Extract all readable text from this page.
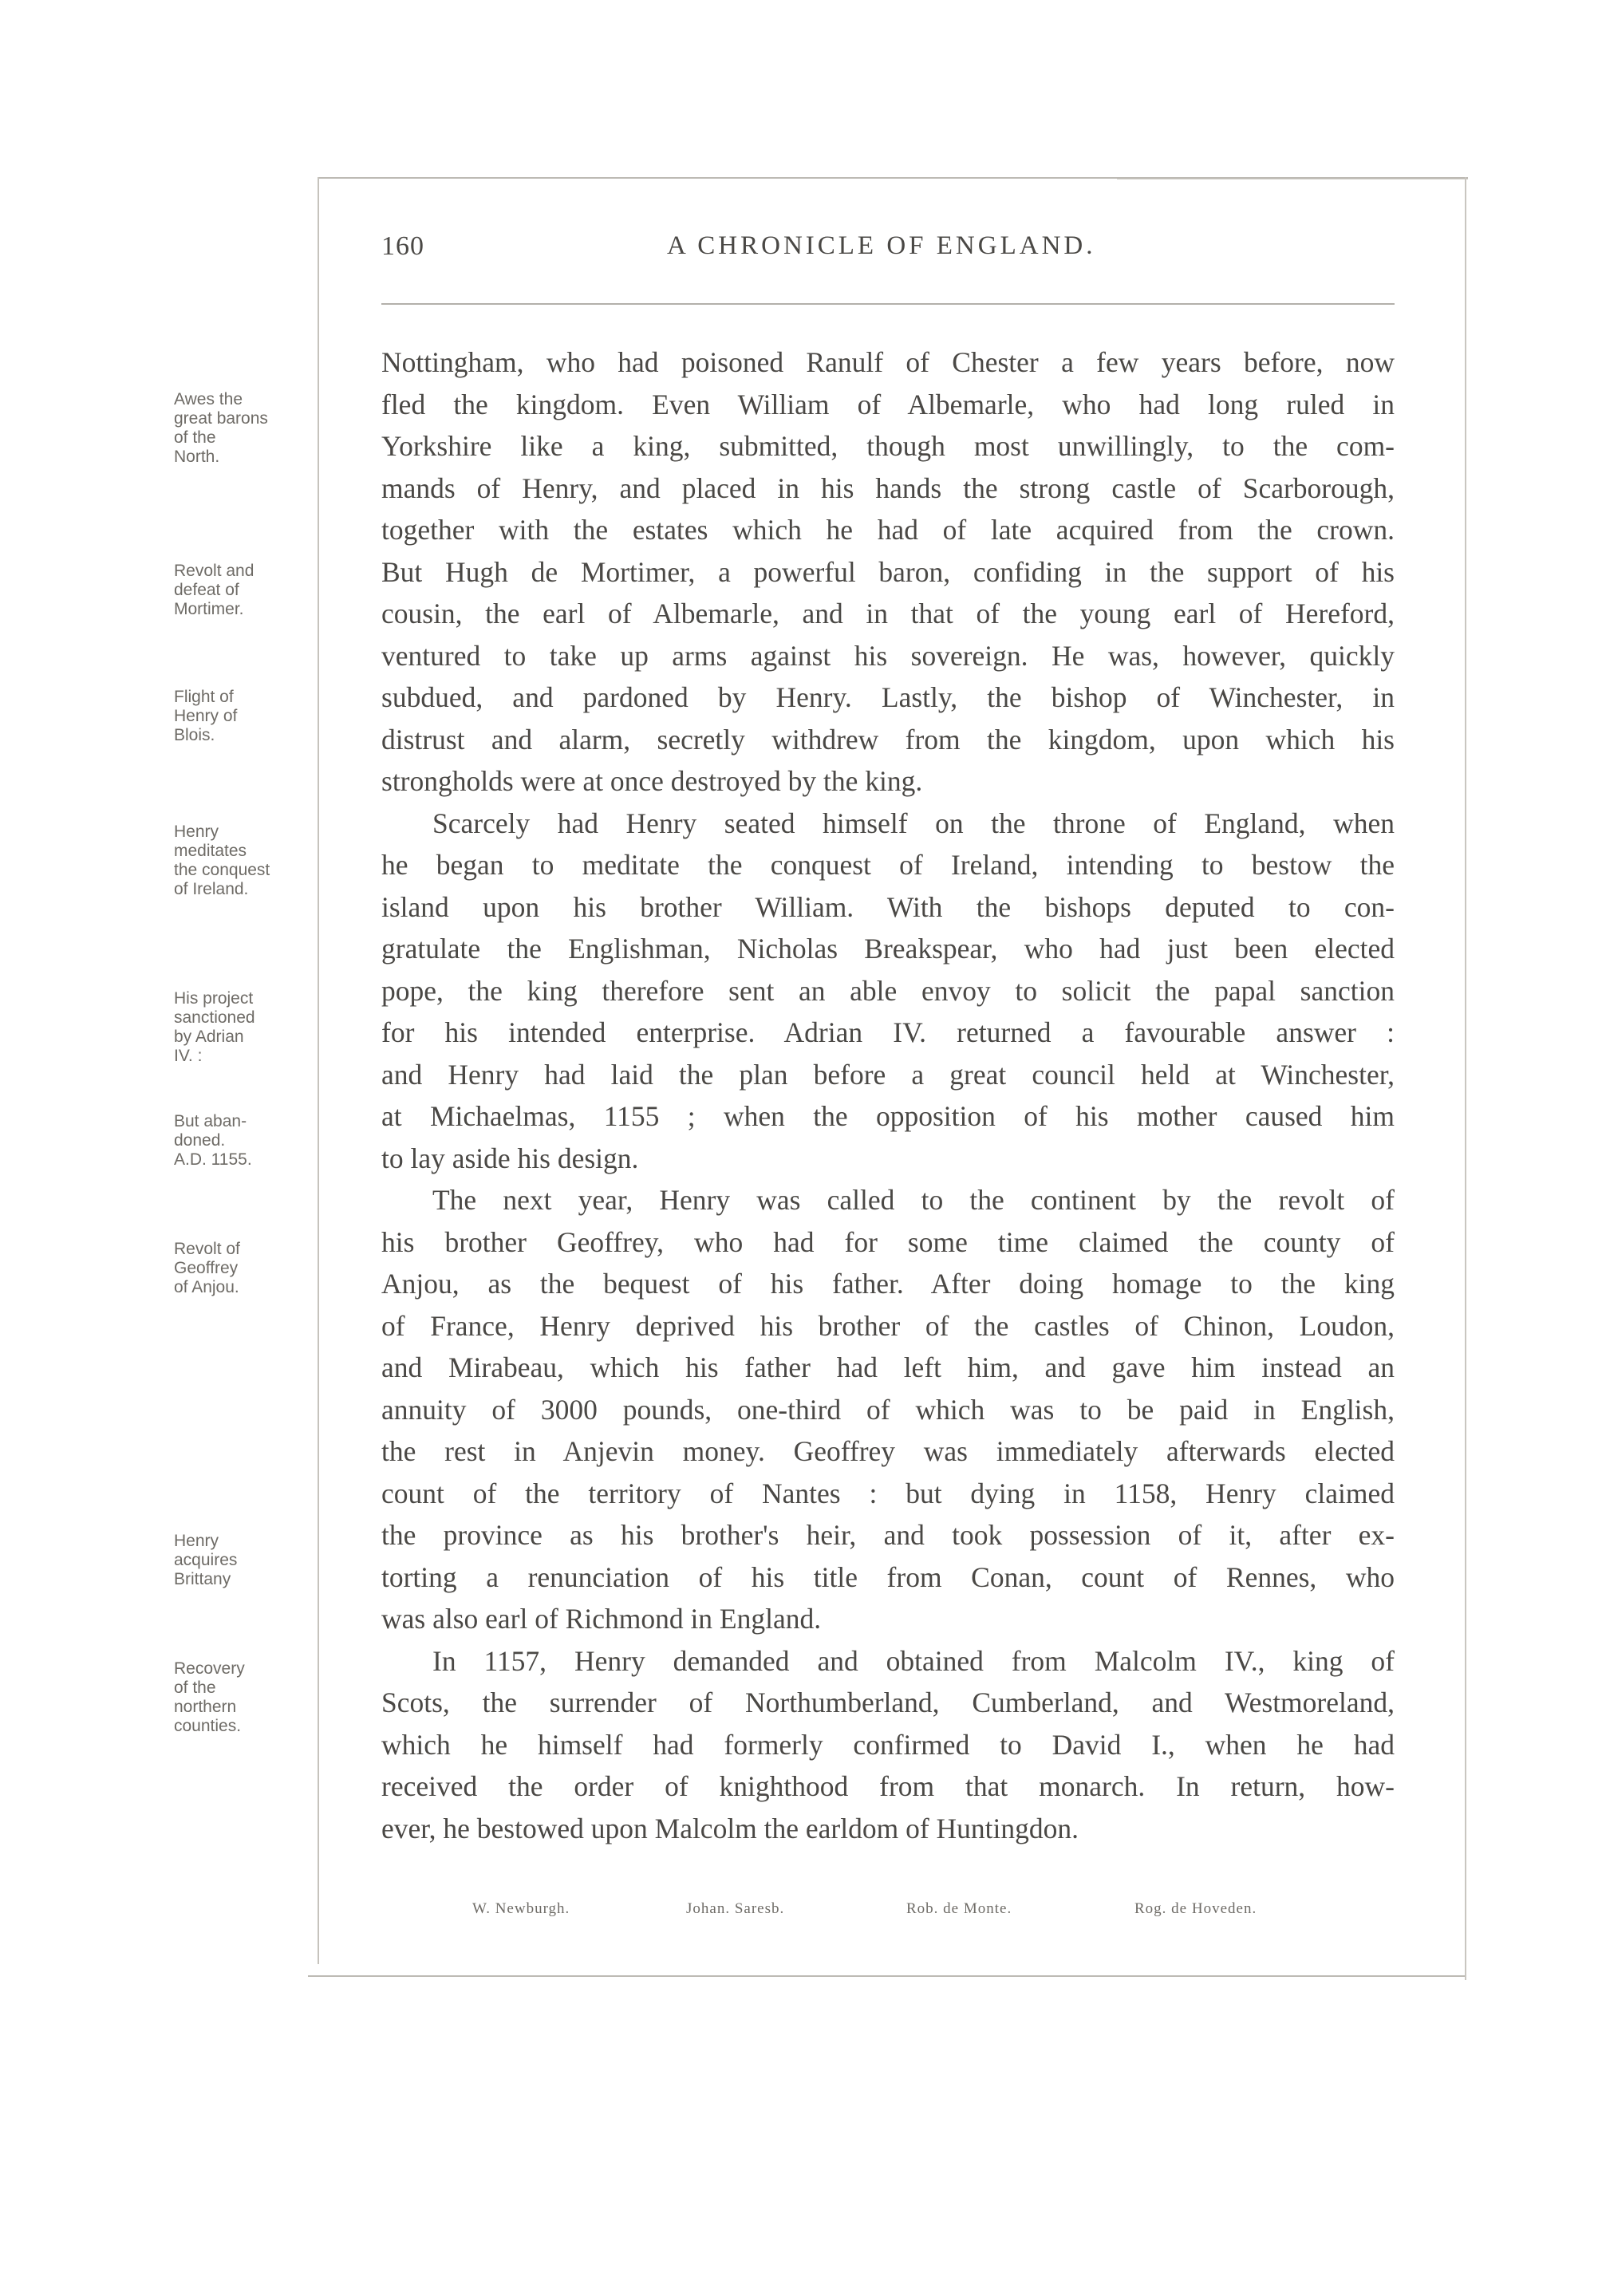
160	A CHRONICLE OF ENGLAND.
Awes the
great barons
of the
North.
Revolt and
defeat of
Mortimer.
Flight of
Henry of
Blois.
Henry
meditates
the conquest
of Ireland.
His project
sanctioned
by Adrian
IV. :
But aban-
doned.
A.D. 1155.
Revolt of
Geoffrey
of Anjou.
Henry
acquires
Brittany
Recovery
of the
northern
counties.
Nottingham, who had poisoned Ranulf of Chester a few years before, now
fled the kingdom. Even William of Albemarle, who had long ruled in
Yorkshire like a king, submitted, though most unwillingly, to the com-
mands of Henry, and placed in his hands the strong castle of Scarborough,
together with the estates which he had of late acquired from the crown.
But Hugh de Mortimer, a powerful baron, confiding in the support of his
cousin, the earl of Albemarle, and in that of the young earl of Hereford,
ventured to take up arms against his sovereign. He was, however, quickly
subdued, and pardoned by Henry. Lastly, the bishop of Winchester, in
distrust and alarm, secretly withdrew from the kingdom, upon which his
strongholds were at once destroyed by the king.
Scarcely had Henry seated himself on the throne of England, when
he began to meditate the conquest of Ireland, intending to bestow the
island upon his brother William. With the bishops deputed to con-
gratulate the Englishman, Nicholas Breakspear, who had just been elected
pope, the king therefore sent an able envoy to solicit the papal sanction
for his intended enterprise. Adrian IV. returned a favourable answer :
and Henry had laid the plan before a great council held at Winchester,
at Michaelmas, 1155 ; when the opposition of his mother caused him
to lay aside his design.
The next year, Henry was called to the continent by the revolt of
his brother Geoffrey, who had for some time claimed the county of
Anjou, as the bequest of his father. After doing homage to the king
of France, Henry deprived his brother of the castles of Chinon, Loudon,
and Mirabeau, which his father had left him, and gave him instead an
annuity of 3000 pounds, one-third of which was to be paid in English,
the rest in Anjevin money. Geoffrey was immediately afterwards elected
count of the territory of Nantes : but dying in 1158, Henry claimed
the province as his brother's heir, and took possession of it, after ex-
torting a renunciation of his title from Conan, count of Rennes, who
was also earl of Richmond in England.
In 1157, Henry demanded and obtained from Malcolm IV., king of
Scots, the surrender of Northumberland, Cumberland, and Westmoreland,
which he himself had formerly confirmed to David I., when he had
received the order of knighthood from that monarch. In return, how-
ever, he bestowed upon Malcolm the earldom of Huntingdon.
W. Newburgh.	Johan. Saresb.	Rob. de Monte.	Rog. de Hoveden.
